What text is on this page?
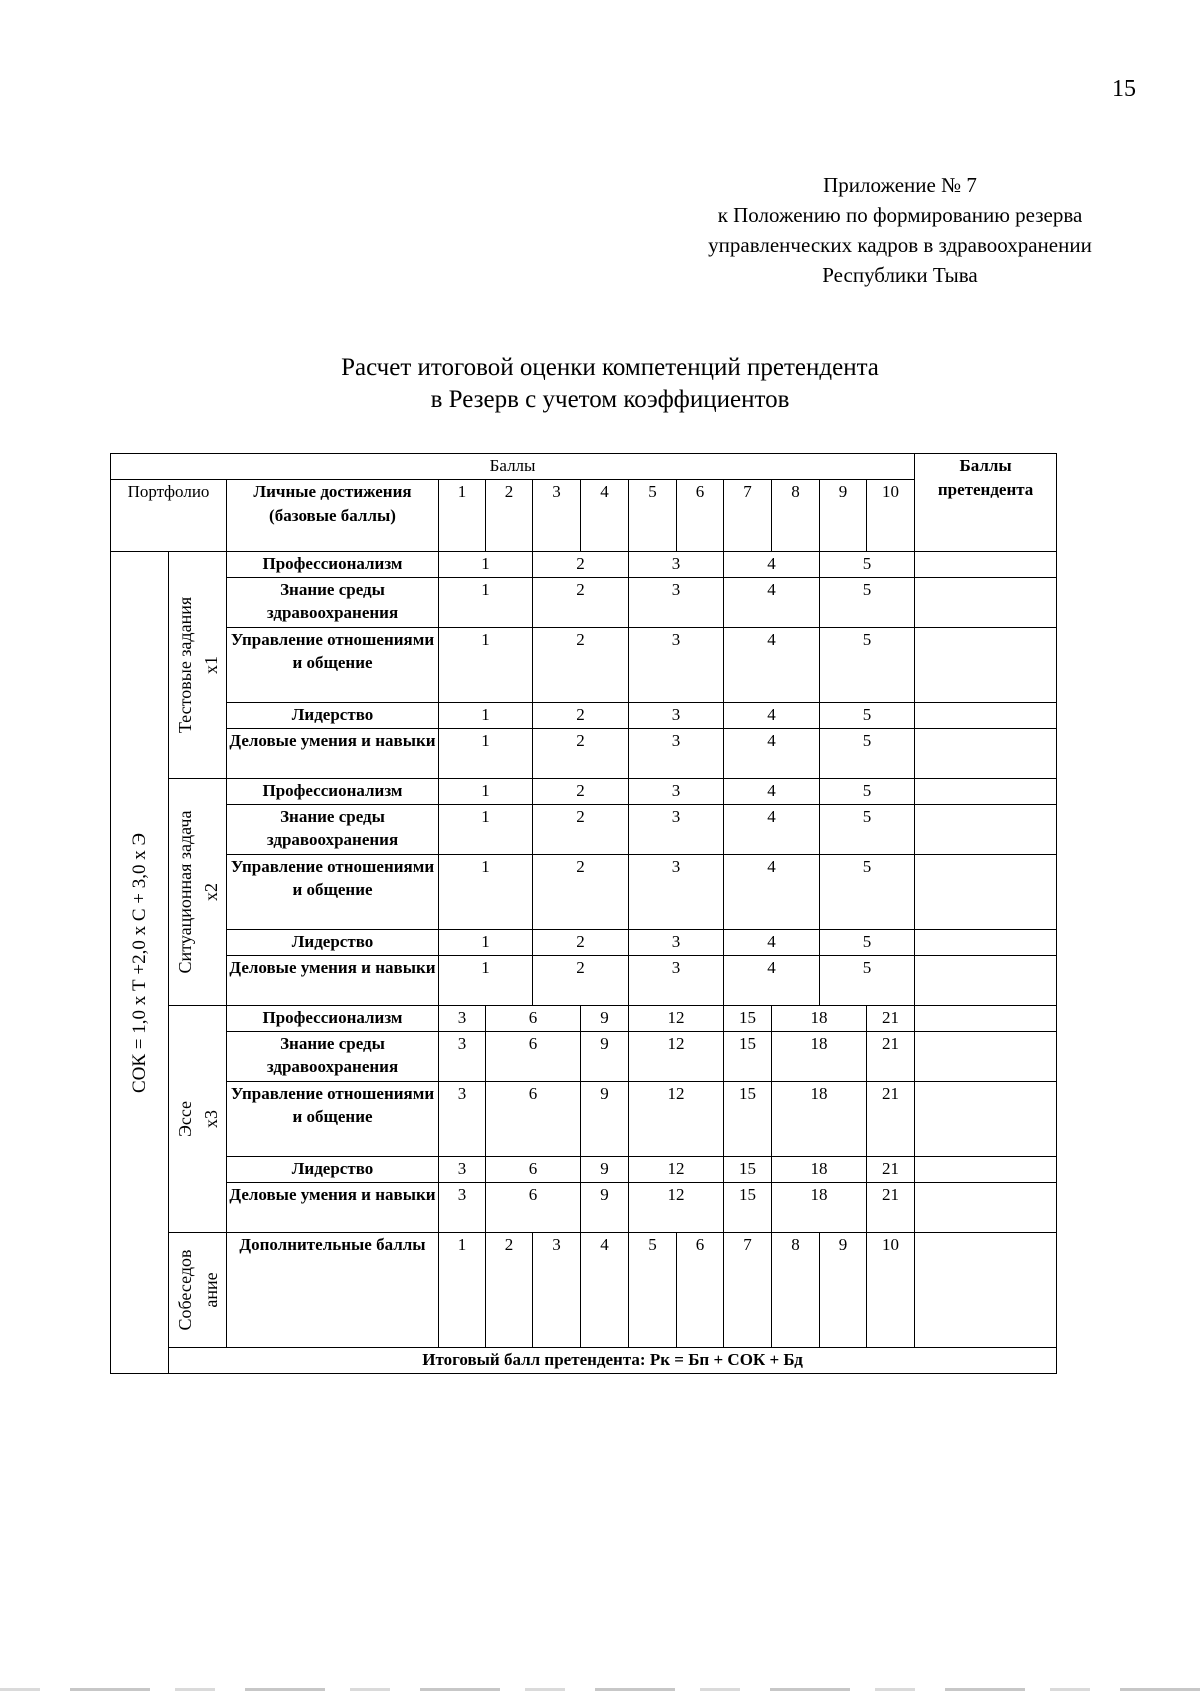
15
Приложение № 7
к Положению по формированию резерва
управленческих кадров в здравоохранении
Республики Тыва
Расчет итоговой оценки компетенций претендента
в Резерв с учетом коэффициентов
Баллы													Баллы претендента	
Портфолио		Личные достижения (базовые баллы)	1	2	3	4	5	6	7	8	9	10		

СОК = 1,0 х Т +2,0 х С + 3,0 х Э	Тестовые задания х1	Профессионализм	1		2		3		4		5			
		Знание среды здравоохранения	1		2		3		4		5			
		Управление отношениями и общение	1		2		3		4		5			
		Лидерство	1		2		3		4		5			
		Деловые умения и навыки	1		2		3		4		5			

	Ситуационная задача х2	Профессионализм	1		2		3		4		5			
		Знание среды здравоохранения	1		2		3		4		5			
		Управление отношениями и общение	1		2		3		4		5			
		Лидерство	1		2		3		4		5			
		Деловые умения и навыки	1		2		3		4		5			

	Эссе х3	Профессионализм	3	6		9	12		15	18		21		
		Знание среды здравоохранения	3	6		9	12		15	18		21		
		Управление отношениями и общение	3	6		9	12		15	18		21		
		Лидерство	3	6		9	12		15	18		21		
		Деловые умения и навыки	3	6		9	12		15	18		21		

	Собеседов ание	Дополнительные баллы	1	2	3	4	5	6	7	8	9	10		
	Итоговый балл претендента: Рк = Бп + СОК + Бд													
